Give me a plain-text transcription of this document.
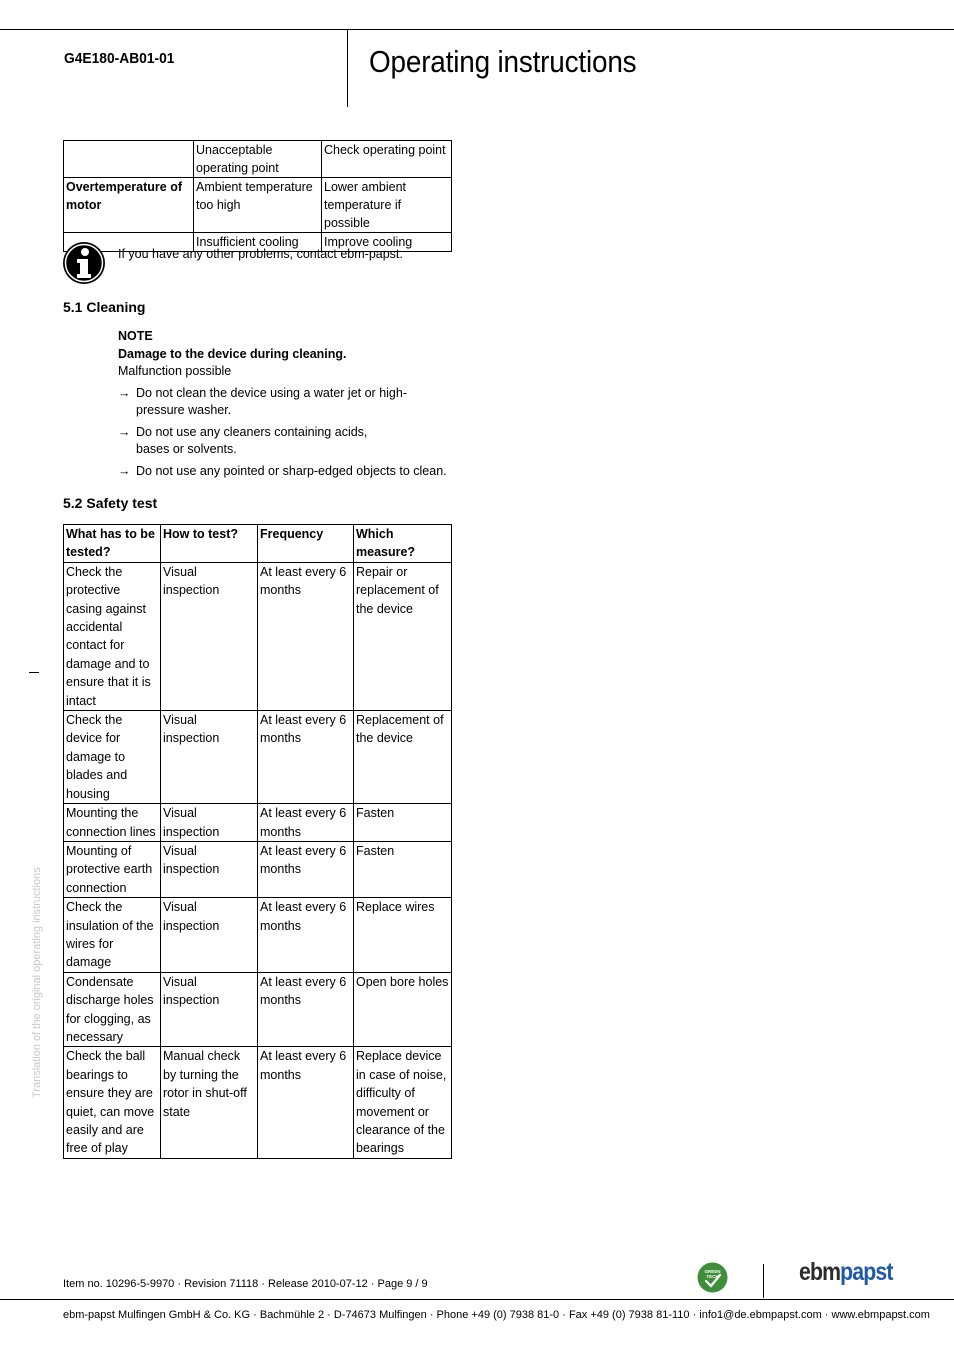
G4E180-AB01-01	Operating instructions
	Unacceptable operating point	Check operating point
Overtemperature of motor	Ambient temperature too high	Lower ambient temperature if possible
	Insufficient cooling	Improve cooling
If you have any other problems, contact ebm-papst.
5.1 Cleaning
NOTE
Damage to the device during cleaning.
Malfunction possible
→ Do not clean the device using a water jet or high-pressure washer.
→ Do not use any cleaners containing acids, bases or solvents.
→ Do not use any pointed or sharp-edged objects to clean.
5.2 Safety test
What has to be tested?	How to test?	Frequency	Which measure?
Check the protective casing against accidental contact for damage and to ensure that it is intact	Visual inspection	At least every 6 months	Repair or replacement of the device
Check the device for damage to blades and housing	Visual inspection	At least every 6 months	Replacement of the device
Mounting the connection lines	Visual inspection	At least every 6 months	Fasten
Mounting of protective earth connection	Visual inspection	At least every 6 months	Fasten
Check the insulation of the wires for damage	Visual inspection	At least every 6 months	Replace wires
Condensate discharge holes for clogging, as necessary	Visual inspection	At least every 6 months	Open bore holes
Check the ball bearings to ensure they are quiet, can move easily and are free of play	Manual check by turning the rotor in shut-off state	At least every 6 months	Replace device in case of noise, difficulty of movement or clearance of the bearings
Translation of the original operating instructions
Item no. 10296-5-9970 · Revision 71118 · Release 2010-07-12 · Page 9 / 9
GREEN
TECH	ebmpapst
ebm-papst Mulfingen GmbH & Co. KG · Bachmühle 2 · D-74673 Mulfingen · Phone +49 (0) 7938 81-0 · Fax +49 (0) 7938 81-110 · info1@de.ebmpapst.com · www.ebmpapst.com
